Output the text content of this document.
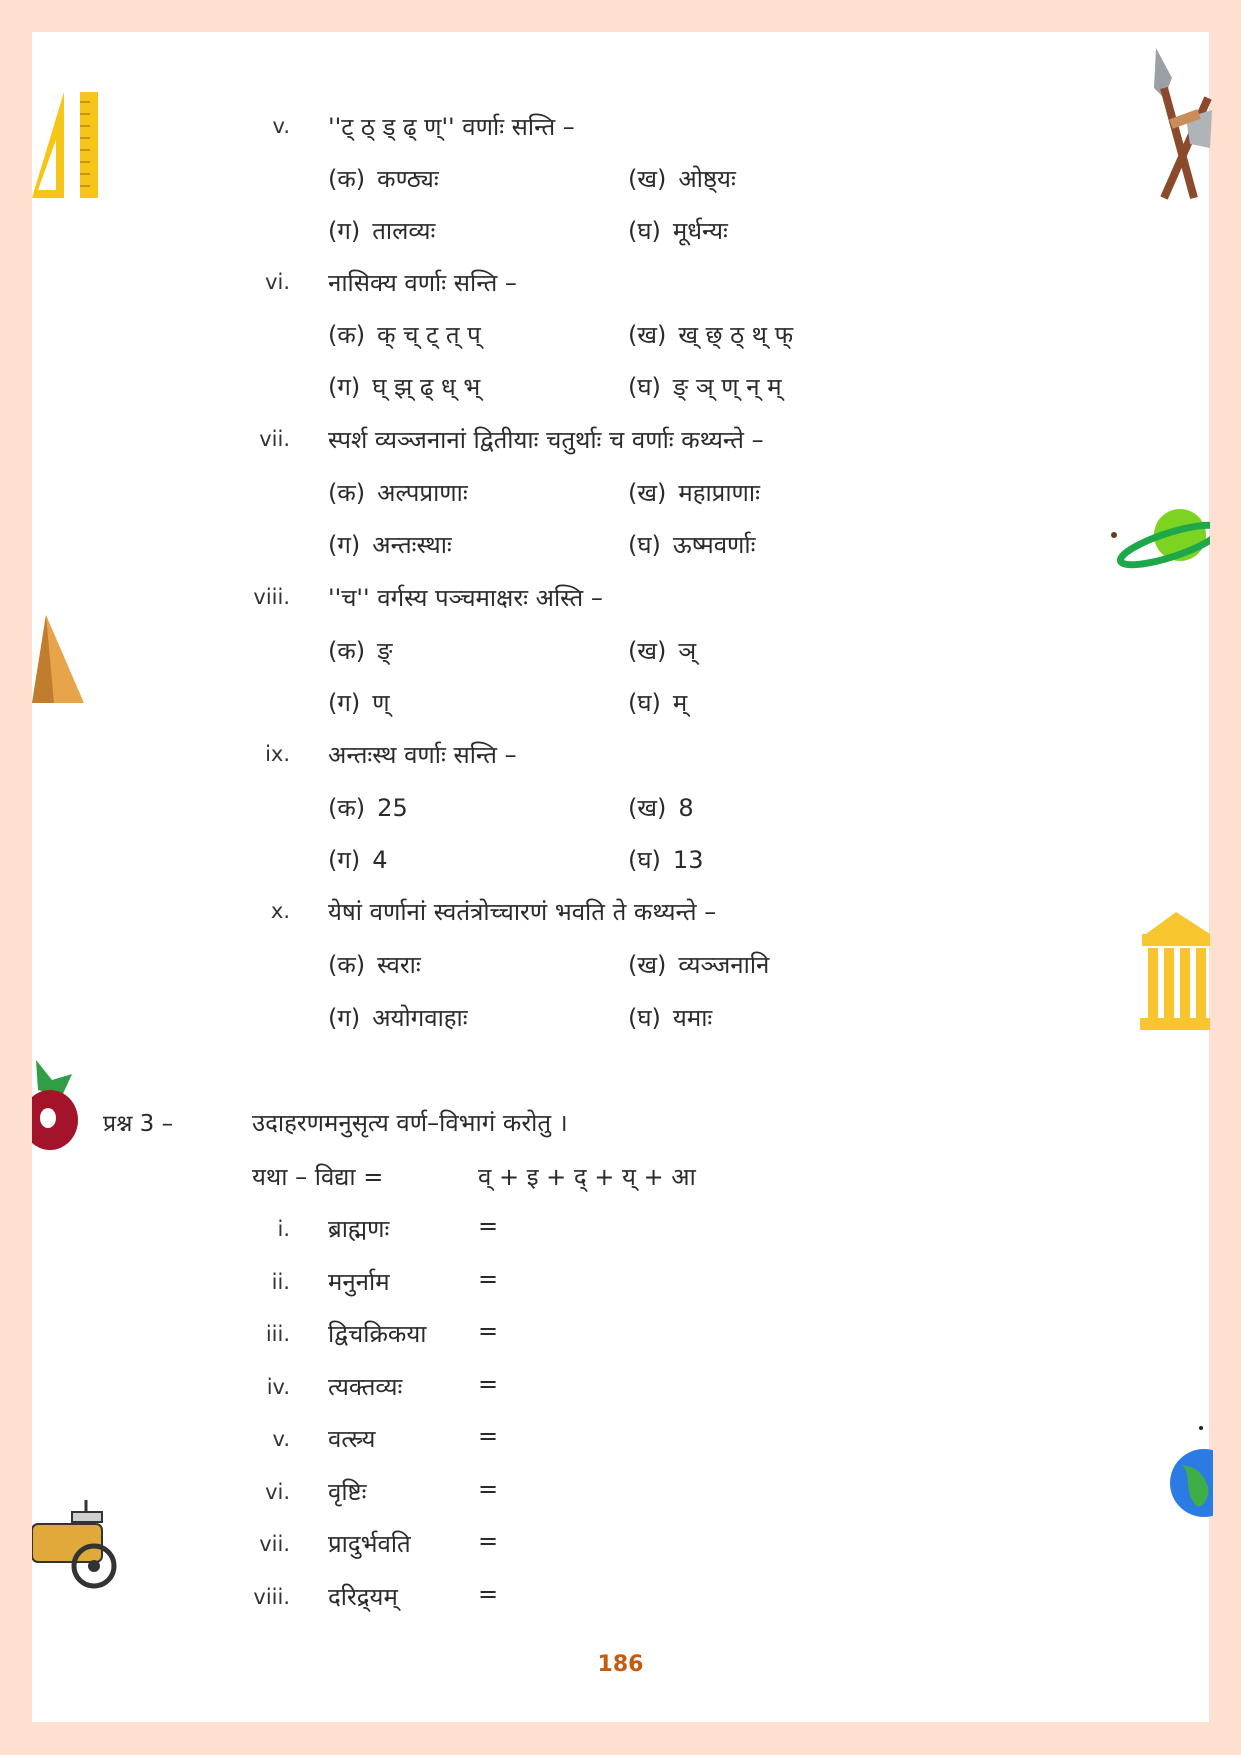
v. ''ट् ठ् ड् ढ् ण्'' वर्णाः सन्ति –
(क) कण्ठ्यः	(ख) ओष्ठ्यः
(ग) तालव्यः	(घ) मूर्धन्यः
vi. नासिक्य वर्णाः सन्ति –
(क) क् च् ट् त् प्	(ख) ख् छ् ठ् थ् फ्
(ग) घ् झ् ढ् ध् भ्	(घ) ङ् ञ् ण् न् म्
vii. स्पर्श व्यञ्जनानां द्वितीयाः चतुर्थाः च वर्णाः कथ्यन्ते –
(क) अल्पप्राणाः	(ख) महाप्राणाः
(ग) अन्तःस्थाः	(घ) ऊष्मवर्णाः
viii. ''च'' वर्गस्य पञ्चमाक्षरः अस्ति –
(क) ङ्	(ख) ञ्
(ग) ण्	(घ) म्
ix. अन्तःस्थ वर्णाः सन्ति –
(क) 25	(ख) 8
(ग) 4	(घ) 13
x. येषां वर्णानां स्वतंत्रोच्चारणं भवति ते कथ्यन्ते –
(क) स्वराः	(ख) व्यञ्जनानि
(ग) अयोगवाहाः	(घ) यमाः
प्रश्न 3 –	उदाहरणमनुसृत्य वर्ण–विभागं करोतु ।
यथा – विद्या =	व् + इ + द् + य् + आ
i. ब्राह्मणः	=
ii. मनुर्नाम	=
iii. द्विचक्रिकया =
iv. त्यक्तव्यः	=
v. वत्स्र्य	=
vi. वृष्टिः	=
vii. प्रादुर्भवति	=
viii. दरिद्र्यम्	=
186
